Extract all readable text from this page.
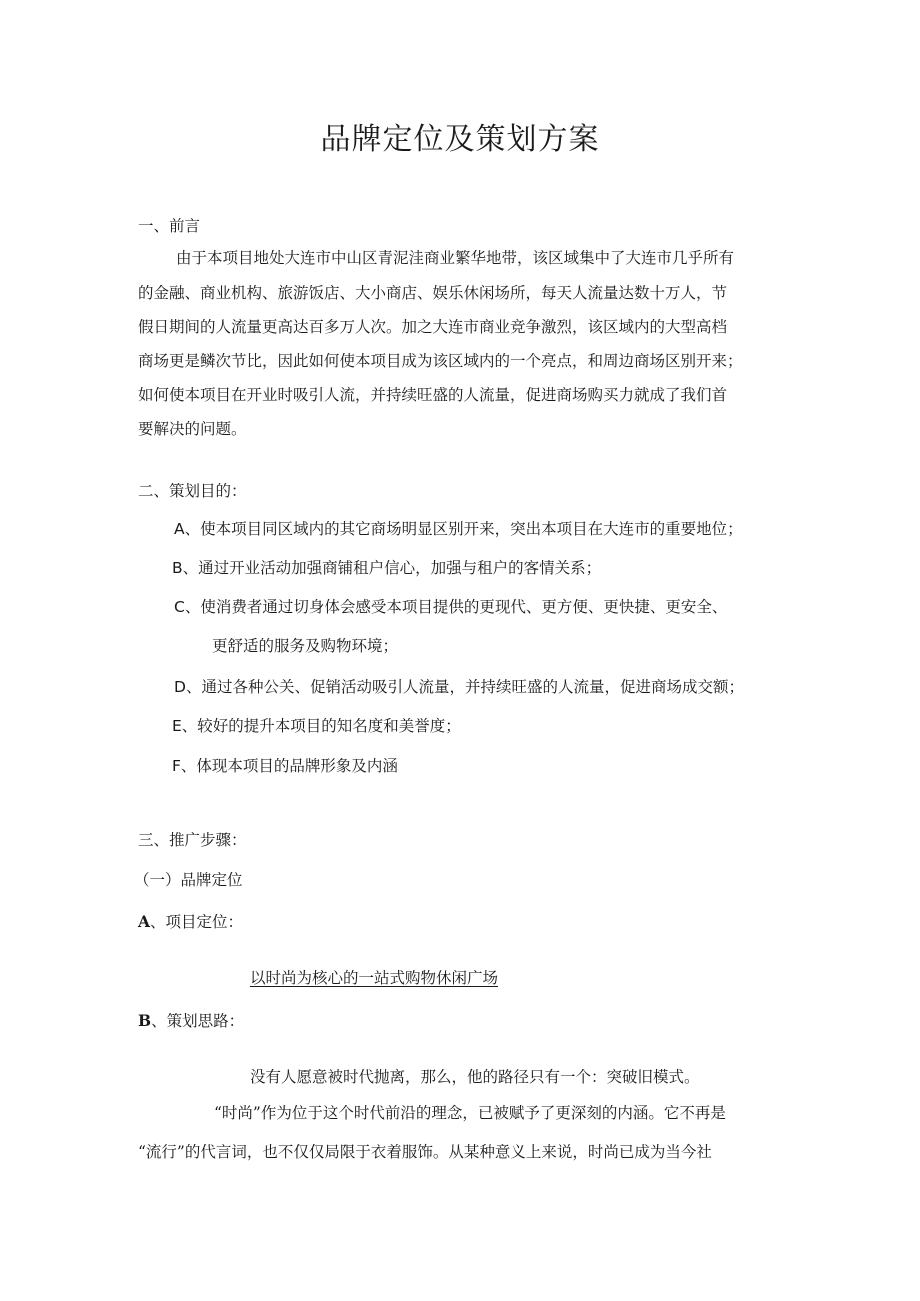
品牌定位及策划方案
一、前言
由于本项目地处大连市中山区青泥洼商业繁华地带，该区域集中了大连市几乎所有
的金融、商业机构、旅游饭店、大小商店、娱乐休闲场所，每天人流量达数十万人，节
假日期间的人流量更高达百多万人次。加之大连市商业竞争激烈，该区域内的大型高档
商场更是鳞次节比，因此如何使本项目成为该区域内的一个亮点，和周边商场区别开来；
如何使本项目在开业时吸引人流，并持续旺盛的人流量，促进商场购买力就成了我们首
要解决的问题。
二、策划目的：
A、使本项目同区域内的其它商场明显区别开来，突出本项目在大连市的重要地位；
B、通过开业活动加强商铺租户信心，加强与租户的客情关系；
C、使消费者通过切身体会感受本项目提供的更现代、更方便、更快捷、更安全、
更舒适的服务及购物环境；
D、通过各种公关、促销活动吸引人流量，并持续旺盛的人流量，促进商场成交额；
E、较好的提升本项目的知名度和美誉度；
F、体现本项目的品牌形象及内涵
三、推广步骤：
（一）品牌定位
A、项目定位：
以时尚为核心的一站式购物休闲广场
B、策划思路：
没有人愿意被时代抛离，那么，他的路径只有一个：突破旧模式。
“时尚”作为位于这个时代前沿的理念，已被赋予了更深刻的内涵。它不再是
“流行”的代言词，也不仅仅局限于衣着服饰。从某种意义上来说，时尚已成为当今社
